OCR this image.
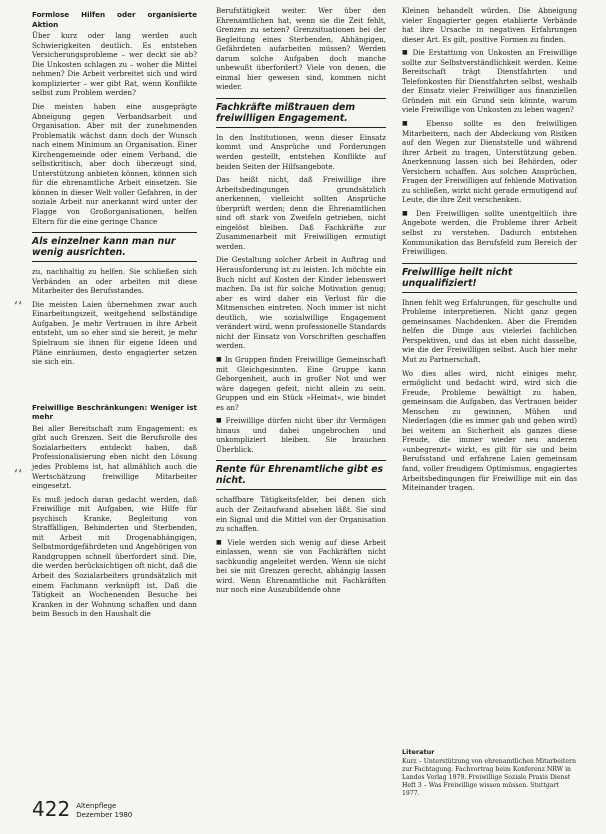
‘‘
‘‘
Formlose Hilfen oder organisierte Aktion

Über kurz oder lang werden auch Schwierigkeiten deutlich. Es entstehen Versicherungsprobleme – wer deckt sie ab? Die Unkosten schlagen zu – woher die Mittel nehmen? Die Arbeit verbreitet sich und wird komplizierter – wer gibt Rat, wenn Konflikte selbst zum Problem werden?

Die meisten haben eine ausgeprägte Abneigung gegen Verbandsarbeit und Organisation. Aber mit der zunehmenden Problematik wächst dann doch der Wunsch nach einem Minimum an Organisation. Einer Kirchengemeinde oder einem Verband, die selbstkritisch, aber doch überzeugt sind, Unterstützung anbieten können, können sich für die ehrenamtliche Arbeit einsetzen. Sie können in dieser Welt voller Gefahren, in der soziale Arbeit nur anerkannt wird unter der Flagge von Großorganisationen, helfen Eltern für die eine geringe Chance

Als einzelner kann man nur wenig ausrichten.

zu, nachhaltig zu helfen. Sie schließen sich Verbänden an oder arbeiten mit diese Mitarbeiter des Berufsstandes.

Die meisten Laien übernehmen zwar auch Einarbeitungszeit, weitgehend selbständige Aufgaben. Je mehr Vertrauen in ihre Arbeit entsteht, um so eher sind sie bereit, je mehr Spielraum sie ihnen für eigene Ideen und Pläne einräumen, desto engagierter setzen sie sich ein.

Freiwillige Beschränkungen: Weniger ist mehr

Bei aller Bereitschaft zum Engagement: es gibt auch Grenzen. Seit die Berufsrolle des Sozialarbeiters entdeckt haben, daß Professionalisierung eben nicht den Lösung jedes Problems ist, hat allmählich auch die Wertschätzung freiwillige Mitarbeiter eingesetzt.

Es muß jedoch daran gedacht werden, daß Freiwillige mit Aufgaben, wie Hilfe für psychisch Kranke, Begleitung von Straffälligen, Behinderten und Sterbenden, mit Arbeit mit Drogenabhängigen, Selbstmordgefährdeten und Angehörigen von Randgruppen schnell überfordert sind. Die, die werden berücksichtigen oft nicht, daß die Arbeit des Sozialarbeiters grundsätzlich mit einem Fachmann verknüpft ist. Daß die Tätigkeit an Wochenenden Besuche bei Kranken in der Wohnung schaffen und dann beim Besuch in den Haushalt die

Berufstätigkeit weiter. Wer über den Ehrenamtlichen hat, wenn sie die Zeit fehlt, Grenzen zu setzen? Grenzsituationen bei der Begleitung eines Sterbenden, Abhängigen, Gefährdeten aufarbeiten müssen? Werden darum solche Aufgaben doch manche unbewußt überfordert? Viele von denen, die einmal hier gewesen sind, kommen nicht wieder.

Fachkräfte mißtrauen dem freiwilligen Engagement.

In den Institutionen, wenn dieser Einsatz kommt und Ansprüche und Forderungen werden gestellt, entstehen Konflikte auf beiden Seiten der Hilfsangebote.

Das heißt nicht, daß Freiwillige ihre Arbeitsbedingungen grundsätzlich anerkennen, vielleicht sollten Ansprüche überprüft werden; denn die Ehrenamtlichen sind oft stark von Zweifeln getrieben, nicht eingelöst bleiben. Daß Fachkräfte zur Zusammenarbeit mit Freiwilligen ermutigt werden.

Die Gestaltung solcher Arbeit in Auftrag und Herausforderung ist zu leisten. Ich möchte ein Buch nicht auf Kosten der Kinder lebenswert machen. Da ist für solche Motivation genug; aber es wird daher ein Verlust für die Mitmenschen eintreten. Noch immer ist nicht deutlich, wie sozialwillige Engagement verändert wird, wenn professionelle Standards nicht der Einsatz von Vorschriften geschaffen werden.

■ In Gruppen finden Freiwillige Gemeinschaft mit Gleichgesinnten. Eine Gruppe kann Geborgenheit, auch in großer Not und wer wäre dagegen gefeit, nicht allein zu sein. Gruppen und ein Stück »Heimat«, wie bindet es an?

■ Freiwillige dürfen nicht über ihr Vermögen hinaus und dabei ungebrochen und unkompliziert bleiben. Sie brauchen Überblick.

Rente für Ehrenamtliche gibt es nicht.

schaffbare Tätigkeitsfelder, bei denen sich auch der Zeitaufwand absehen läßt. Sie sind ein Signal und die Mittel von der Organisation zu schaffen.

■ Viele werden sich wenig auf diese Arbeit einlassen, wenn sie von Fachkräften nicht sachkundig angeleitet werden. Wenn sie nicht bei sie mit Grenzen gerecht, abhängig lassen wird. Wenn Ehrenamtliche mit Fachkräften nur noch eine Auszubildende ohne

Kleinen behandelt würden. Die Abneigung vieler Engagierter gegen etablierte Verbände hat ihre Ursache in negativen Erfahrungen dieser Art. Es gilt, positive Formen zu finden.

■ Die Erstattung von Unkosten an Freiwillige sollte zur Selbstverständlichkeit werden. Keine Bereitschaft trägt Dienstfahrten und Telefonkosten für Dienstfahrten selbst, weshalb der Einsatz vieler Freiwilliger aus finanziellen Gründen mit ein Grund sein könnte, warum viele Freiwillige von Unkosten zu leben wagen?

■ Ebenso sollte es den freiwilligen Mitarbeitern, nach der Abdeckung von Risiken auf den Wegen zur Dienststelle und während ihrer Arbeit zu tragen, Unterstützung geben. Anerkennung lassen sich bei Behörden, oder Versichern schaffen. Aus solchen Ansprüchen, Fragen der Freiwilligen auf fehlende Motivation zu schließen, wirkt nicht gerade ermutigend auf Leute, die ihre Zeit verschenken.

■ Den Freiwilligen sollte unentgeltlich ihre Angebote werden, die Probleme ihrer Arbeit selbst zu verstehen. Dadurch entstehen Kommunikation das Berufsfeld zum Bereich der Freiwilligen.

Freiwillige heilt nicht unqualifiziert!

Ihnen fehlt weg Erfahrungen, für geschulte und Probleme interpretieren. Nicht ganz gegen gemeinsames Nachdenken. Aber die Fremden helfen die Dinge aus vielerlei fachlichen Perspektiven, und das ist eben nicht dasselbe, wie die der Freiwilligen selbst. Auch hier mehr Mut zu Partnerschaft.

Wo dies alles wird, nicht einiges mehr, ermöglicht und bedacht wird, wird sich die Freude, Probleme bewältigt zu haben, gemeinsam die Aufgaben, das Vertrauen beider Menschen zu gewinnen, Mühen und Niederlagen (die es immer gab und geben wird) bei weitem an Sicherheit als ganzes diese Freude, die immer wieder neu anderen »unbegrenzt« wirkt, es gilt für sie und beim Berufsstand und erfahrene Laien gemeinsam fand, voller freudigem Optimismus, engagiertes Arbeitsbedingungen für Freiwillige mit ein das Miteinander tragen.

Literatur
Kurz – Unterstützung von ehrenamtlichen Mitarbeitern zur Fachtagung. Fachvortrag beim Konferenz NRW in Landes Verlag 1979. Freiwillige Soziale Praxis Dienst Heft 3 – Was Freiwillige wissen müssen. Stuttgart 1977.
422 Altenpflege
Dezember 1980
